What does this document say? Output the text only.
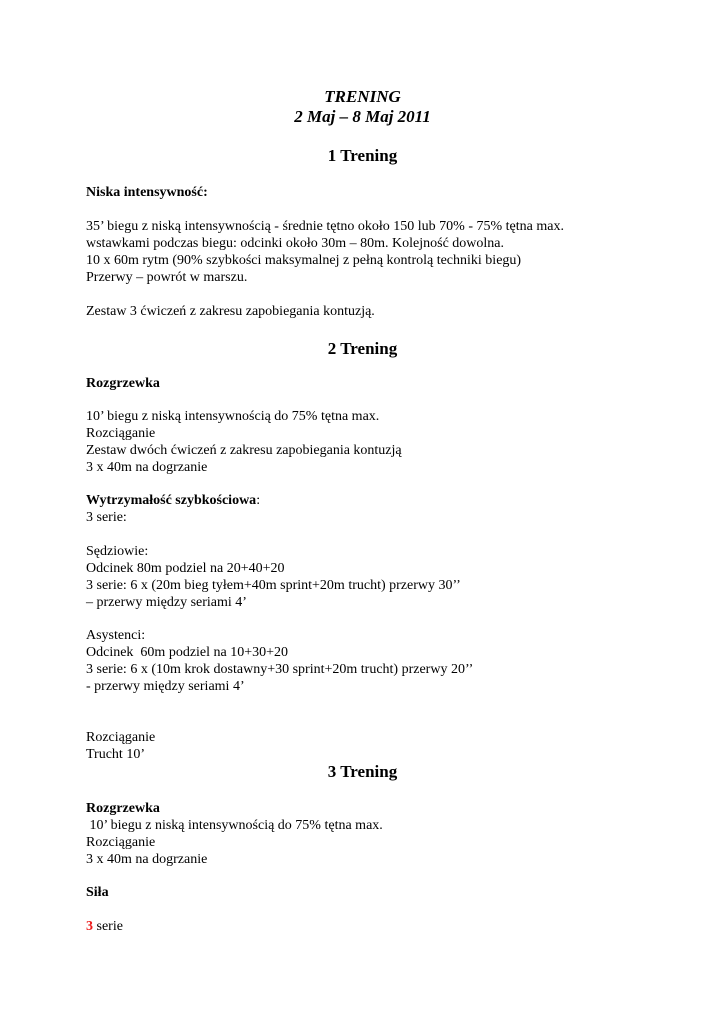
TRENING
2 Maj – 8 Maj 2011
1 Trening
Niska intensywność:
35’ biegu z niską intensywnością - średnie tętno około 150 lub 70% - 75% tętna max.
wstawkami podczas biegu: odcinki około 30m – 80m. Kolejność dowolna.
10 x 60m rytm (90% szybkości maksymalnej z pełną kontrolą techniki biegu)
Przerwy – powrót w marszu.
Zestaw 3 ćwiczeń z zakresu zapobiegania kontuzją.
2 Trening
Rozgrzewka
10’ biegu z niską intensywnością do 75% tętna max.
Rozciąganie
Zestaw dwóch ćwiczeń z zakresu zapobiegania kontuzją
3 x 40m na dogrzanie
Wytrzymałość szybkościowa:
3 serie:
Sędziowie:
Odcinek 80m podziel na 20+40+20
3 serie: 6 x (20m bieg tyłem+40m sprint+20m trucht) przerwy 30’’
– przerwy między seriami 4’
Asystenci:
Odcinek  60m podziel na 10+30+20
3 serie: 6 x (10m krok dostawny+30 sprint+20m trucht) przerwy 20’’
- przerwy między seriami 4’
Rozciąganie
Trucht 10’
3 Trening
Rozgrzewka
10’ biegu z niską intensywnością do 75% tętna max.
Rozciąganie
3 x 40m na dogrzanie
Siła
3 serie
